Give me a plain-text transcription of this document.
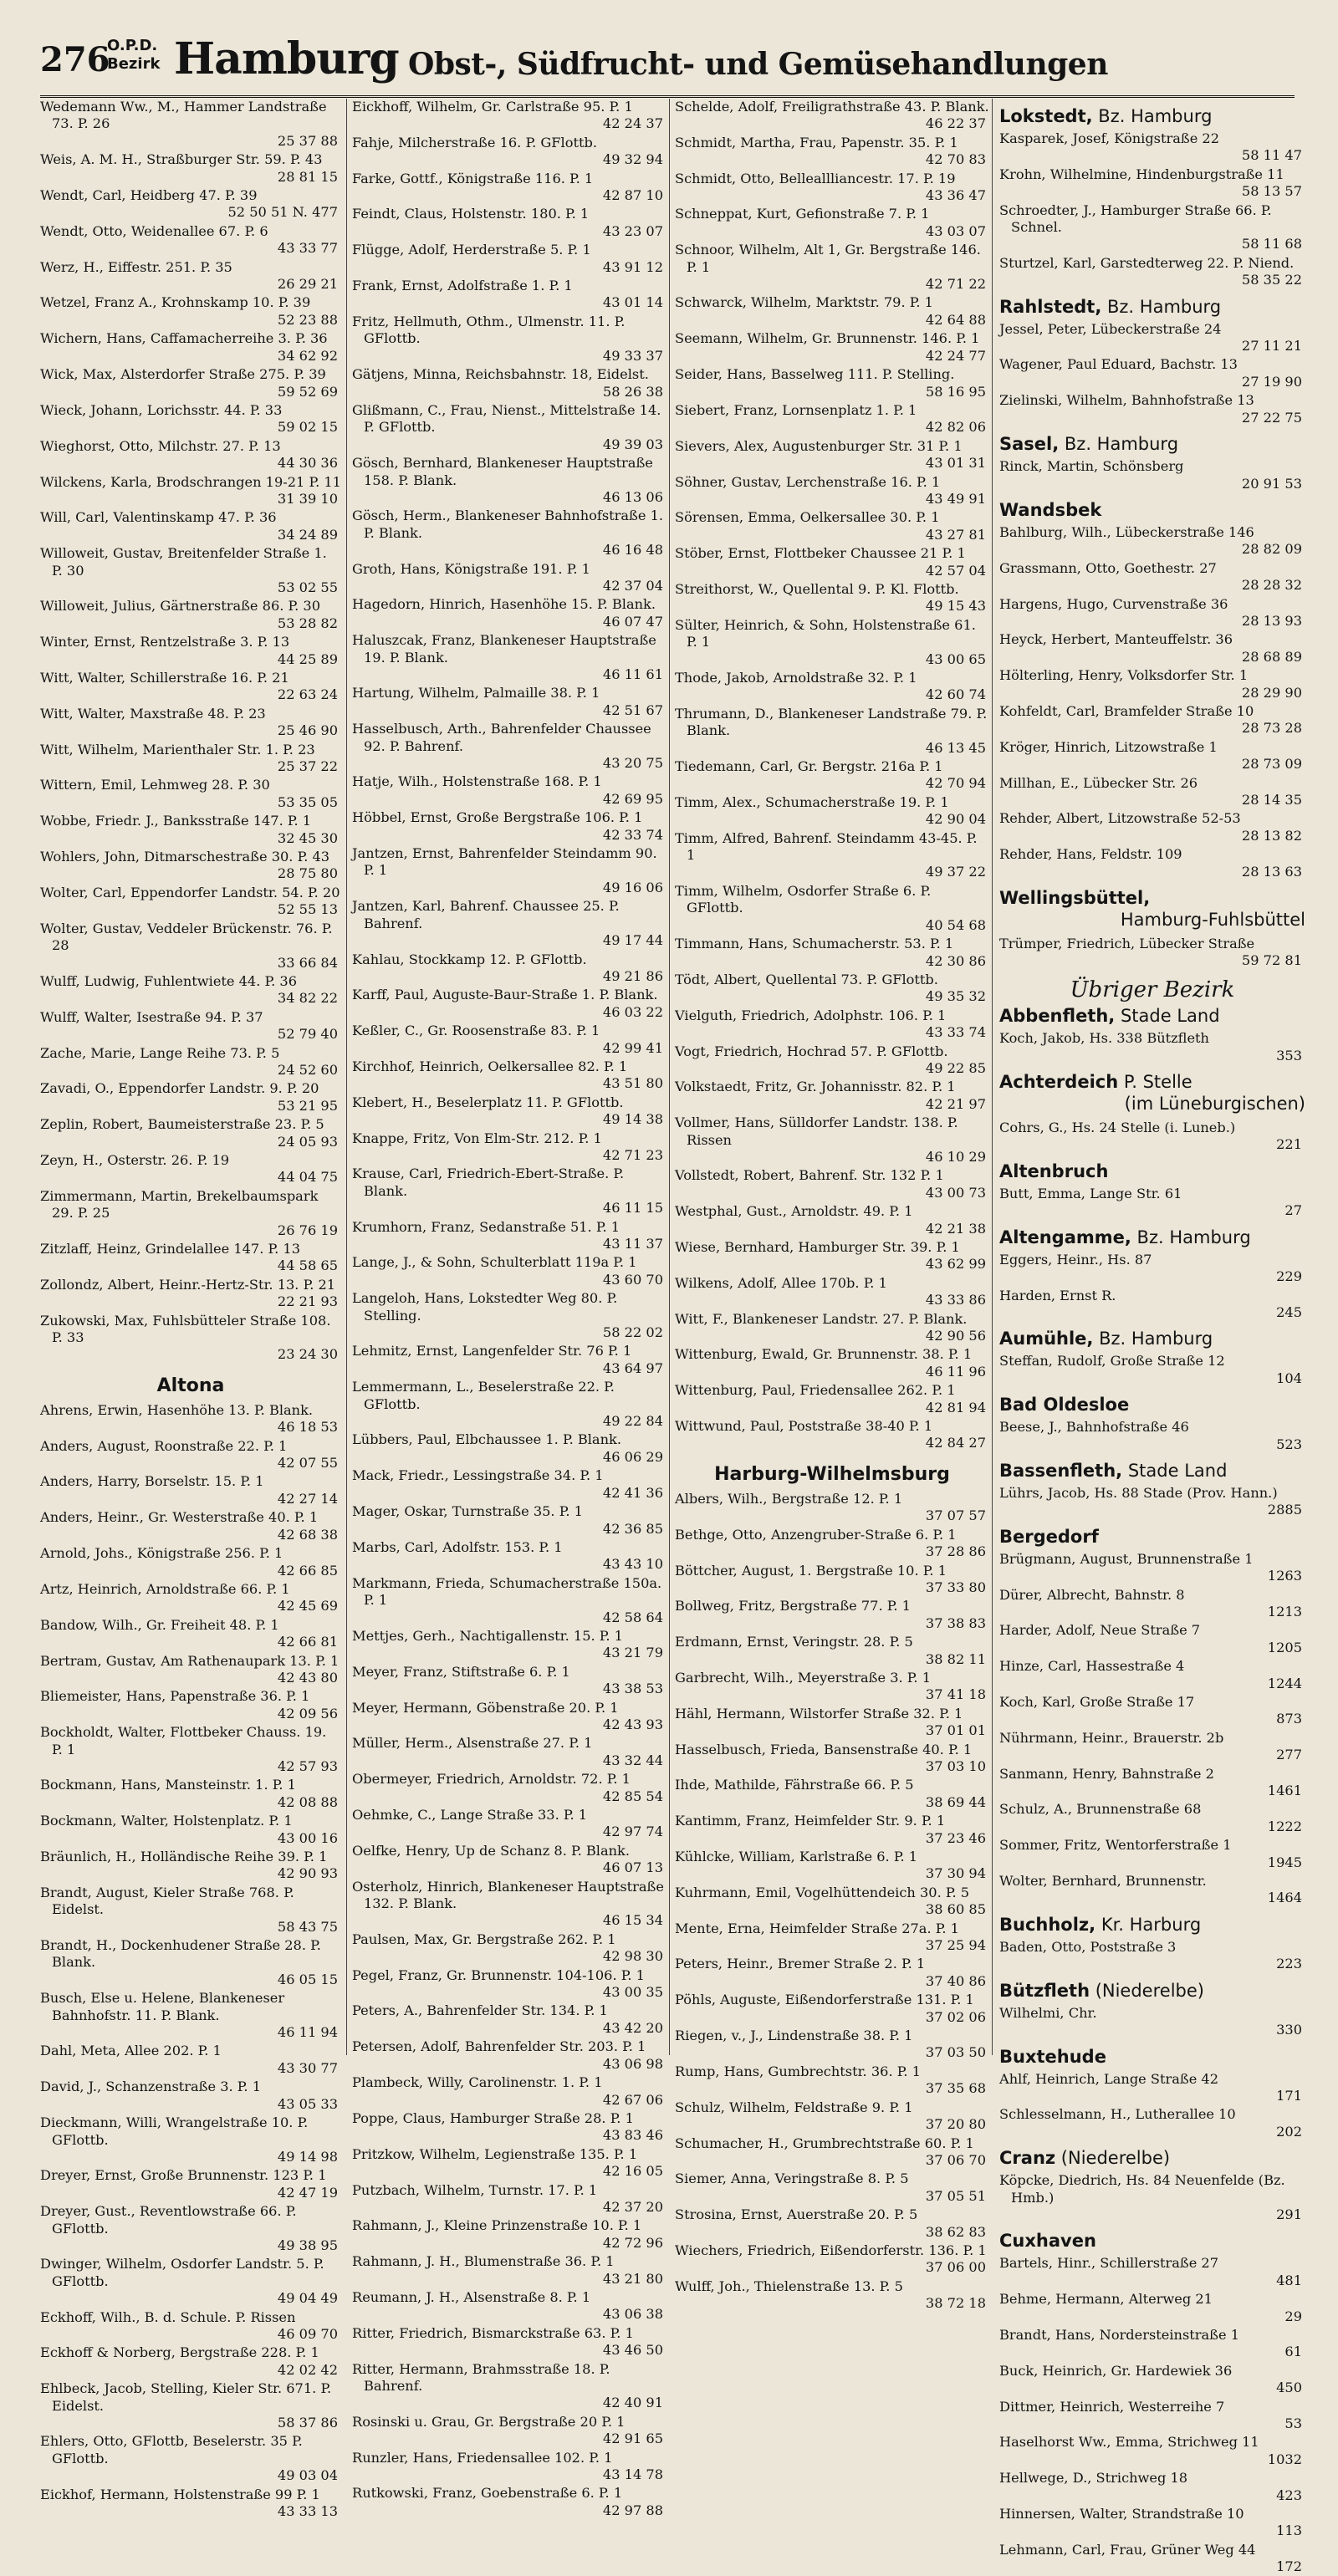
276
O.P.D.
Bezirk Hamburg Obst-, Südfrucht- und Gemüsehandlungen
Wedemann Ww., M., Hammer Landstraße 73. P. 26
25 37 88
Weis, A. M. H., Straßburger Str. 59. P. 43
28 81 15
Wendt, Carl, Heidberg 47. P. 39
52 50 51 N. 477
Wendt, Otto, Weidenallee 67. P. 6
43 33 77
Werz, H., Eiffestr. 251. P. 35
26 29 21
Wetzel, Franz A., Krohnskamp 10. P. 39
52 23 88
Wichern, Hans, Caffamacherreihe 3. P. 36
34 62 92
Wick, Max, Alsterdorfer Straße 275. P. 39
59 52 69
Wieck, Johann, Lorichsstr. 44. P. 33
59 02 15
Wieghorst, Otto, Milchstr. 27. P. 13
44 30 36
Wilckens, Karla, Brodschrangen 19-21 P. 11
31 39 10
Will, Carl, Valentinskamp 47. P. 36
34 24 89
Willoweit, Gustav, Breitenfelder Straße 1. P. 30
53 02 55
Willoweit, Julius, Gärtnerstraße 86. P. 30
53 28 82
Winter, Ernst, Rentzelstraße 3. P. 13
44 25 89
Witt, Walter, Schillerstraße 16. P. 21
22 63 24
Witt, Walter, Maxstraße 48. P. 23
25 46 90
Witt, Wilhelm, Marienthaler Str. 1. P. 23
25 37 22
Wittern, Emil, Lehmweg 28. P. 30
53 35 05
Wobbe, Friedr. J., Banksstraße 147. P. 1
32 45 30
Wohlers, John, Ditmarschestraße 30. P. 43
28 75 80
Wolter, Carl, Eppendorfer Landstr. 54. P. 20
52 55 13
Wolter, Gustav, Veddeler Brückenstr. 76. P. 28
33 66 84
Wulff, Ludwig, Fuhlentwiete 44. P. 36
34 82 22
Wulff, Walter, Isestraße 94. P. 37
52 79 40
Zache, Marie, Lange Reihe 73. P. 5
24 52 60
Zavadi, O., Eppendorfer Landstr. 9. P. 20
53 21 95
Zeplin, Robert, Baumeisterstraße 23. P. 5
24 05 93
Zeyn, H., Osterstr. 26. P. 19
44 04 75
Zimmermann, Martin, Brekelbaumspark 29. P. 25
26 76 19
Zitzlaff, Heinz, Grindelallee 147. P. 13
44 58 65
Zollondz, Albert, Heinr.-Hertz-Str. 13. P. 21
22 21 93
Zukowski, Max, Fuhlsbütteler Straße 108. P. 33
23 24 30
Altona
Ahrens, Erwin, Hasenhöhe 13. P. Blank.
46 18 53
Anders, August, Roonstraße 22. P. 1
42 07 55
Anders, Harry, Borselstr. 15. P. 1
42 27 14
Anders, Heinr., Gr. Westerstraße 40. P. 1
42 68 38
Arnold, Johs., Königstraße 256. P. 1
42 66 85
Artz, Heinrich, Arnoldstraße 66. P. 1
42 45 69
Bandow, Wilh., Gr. Freiheit 48. P. 1
42 66 81
Bertram, Gustav, Am Rathenaupark 13. P. 1
42 43 80
Bliemeister, Hans, Papenstraße 36. P. 1
42 09 56
Bockholdt, Walter, Flottbeker Chauss. 19. P. 1
42 57 93
Bockmann, Hans, Mansteinstr. 1. P. 1
42 08 88
Bockmann, Walter, Holstenplatz. P. 1
43 00 16
Bräunlich, H., Holländische Reihe 39. P. 1
42 90 93
Brandt, August, Kieler Straße 768. P. Eidelst.
58 43 75
Brandt, H., Dockenhudener Straße 28. P. Blank.
46 05 15
Busch, Else u. Helene, Blankeneser Bahnhofstr. 11. P. Blank.
46 11 94
Dahl, Meta, Allee 202. P. 1
43 30 77
David, J., Schanzenstraße 3. P. 1
43 05 33
Dieckmann, Willi, Wrangelstraße 10. P. GFlottb.
49 14 98
Dreyer, Ernst, Große Brunnenstr. 123 P. 1
42 47 19
Dreyer, Gust., Reventlowstraße 66. P. GFlottb.
49 38 95
Dwinger, Wilhelm, Osdorfer Landstr. 5. P. GFlottb.
49 04 49
Eckhoff, Wilh., B. d. Schule. P. Rissen
46 09 70
Eckhoff & Norberg, Bergstraße 228. P. 1
42 02 42
Ehlbeck, Jacob, Stelling, Kieler Str. 671. P. Eidelst.
58 37 86
Ehlers, Otto, GFlottb, Beselerstr. 35 P. GFlottb.
49 03 04
Eickhof, Hermann, Holstenstraße 99 P. 1
43 33 13
Eickhoff, Wilhelm, Gr. Carlstraße 95. P. 1
42 24 37
Fahje, Milcherstraße 16. P. GFlottb.
49 32 94
Farke, Gottf., Königstraße 116. P. 1
42 87 10
Feindt, Claus, Holstenstr. 180. P. 1
43 23 07
Flügge, Adolf, Herderstraße 5. P. 1
43 91 12
Frank, Ernst, Adolfstraße 1. P. 1
43 01 14
Fritz, Hellmuth, Othm., Ulmenstr. 11. P. GFlottb.
49 33 37
Gätjens, Minna, Reichsbahnstr. 18, Eidelst.
58 26 38
Glißmann, C., Frau, Nienst., Mittelstraße 14. P. GFlottb.
49 39 03
Gösch, Bernhard, Blankeneser Hauptstraße 158. P. Blank.
46 13 06
Gösch, Herm., Blankeneser Bahnhofstraße 1. P. Blank.
46 16 48
Groth, Hans, Königstraße 191. P. 1
42 37 04
Hagedorn, Hinrich, Hasenhöhe 15. P. Blank.
46 07 47
Haluszcak, Franz, Blankeneser Hauptstraße 19. P. Blank.
46 11 61
Hartung, Wilhelm, Palmaille 38. P. 1
42 51 67
Hasselbusch, Arth., Bahrenfelder Chaussee 92. P. Bahrenf.
43 20 75
Hatje, Wilh., Holstenstraße 168. P. 1
42 69 95
Höbbel, Ernst, Große Bergstraße 106. P. 1
42 33 74
Jantzen, Ernst, Bahrenfelder Steindamm 90. P. 1
49 16 06
Jantzen, Karl, Bahrenf. Chaussee 25. P. Bahrenf.
49 17 44
Kahlau, Stockkamp 12. P. GFlottb.
49 21 86
Karff, Paul, Auguste-Baur-Straße 1. P. Blank.
46 03 22
Keßler, C., Gr. Roosenstraße 83. P. 1
42 99 41
Kirchhof, Heinrich, Oelkersallee 82. P. 1
43 51 80
Klebert, H., Beselerplatz 11. P. GFlottb.
49 14 38
Knappe, Fritz, Von Elm-Str. 212. P. 1
42 71 23
Krause, Carl, Friedrich-Ebert-Straße. P. Blank.
46 11 15
Krumhorn, Franz, Sedanstraße 51. P. 1
43 11 37
Lange, J., & Sohn, Schulterblatt 119a P. 1
43 60 70
Langeloh, Hans, Lokstedter Weg 80. P. Stelling.
58 22 02
Lehmitz, Ernst, Langenfelder Str. 76 P. 1
43 64 97
Lemmermann, L., Beselerstraße 22. P. GFlottb.
49 22 84
Lübbers, Paul, Elbchaussee 1. P. Blank.
46 06 29
Mack, Friedr., Lessingstraße 34. P. 1
42 41 36
Mager, Oskar, Turnstraße 35. P. 1
42 36 85
Marbs, Carl, Adolfstr. 153. P. 1
43 43 10
Markmann, Frieda, Schumacherstraße 150a. P. 1
42 58 64
Mettjes, Gerh., Nachtigallenstr. 15. P. 1
43 21 79
Meyer, Franz, Stiftstraße 6. P. 1
43 38 53
Meyer, Hermann, Göbenstraße 20. P. 1
42 43 93
Müller, Herm., Alsenstraße 27. P. 1
43 32 44
Obermeyer, Friedrich, Arnoldstr. 72. P. 1
42 85 54
Oehmke, C., Lange Straße 33. P. 1
42 97 74
Oelfke, Henry, Up de Schanz 8. P. Blank.
46 07 13
Osterholz, Hinrich, Blankeneser Hauptstraße 132. P. Blank.
46 15 34
Paulsen, Max, Gr. Bergstraße 262. P. 1
42 98 30
Pegel, Franz, Gr. Brunnenstr. 104-106. P. 1
43 00 35
Peters, A., Bahrenfelder Str. 134. P. 1
43 42 20
Petersen, Adolf, Bahrenfelder Str. 203. P. 1
43 06 98
Plambeck, Willy, Carolinenstr. 1. P. 1
42 67 06
Poppe, Claus, Hamburger Straße 28. P. 1
43 83 46
Pritzkow, Wilhelm, Legienstraße 135. P. 1
42 16 05
Putzbach, Wilhelm, Turnstr. 17. P. 1
42 37 20
Rahmann, J., Kleine Prinzenstraße 10. P. 1
42 72 96
Rahmann, J. H., Blumenstraße 36. P. 1
43 21 80
Reumann, J. H., Alsenstraße 8. P. 1
43 06 38
Ritter, Friedrich, Bismarckstraße 63. P. 1
43 46 50
Ritter, Hermann, Brahmsstraße 18. P. Bahrenf.
42 40 91
Rosinski u. Grau, Gr. Bergstraße 20 P. 1
42 91 65
Runzler, Hans, Friedensallee 102. P. 1
43 14 78
Rutkowski, Franz, Goebenstraße 6. P. 1
42 97 88
Schelde, Adolf, Freiligrathstraße 43. P. Blank.
46 22 37
Schmidt, Martha, Frau, Papenstr. 35. P. 1
42 70 83
Schmidt, Otto, Belleallliancestr. 17. P. 19
43 36 47
Schneppat, Kurt, Gefionstraße 7. P. 1
43 03 07
Schnoor, Wilhelm, Alt 1, Gr. Bergstraße 146. P. 1
42 71 22
Schwarck, Wilhelm, Marktstr. 79. P. 1
42 64 88
Seemann, Wilhelm, Gr. Brunnenstr. 146. P. 1
42 24 77
Seider, Hans, Basselweg 111. P. Stelling.
58 16 95
Siebert, Franz, Lornsenplatz 1. P. 1
42 82 06
Sievers, Alex, Augustenburger Str. 31 P. 1
43 01 31
Söhner, Gustav, Lerchenstraße 16. P. 1
43 49 91
Sörensen, Emma, Oelkersallee 30. P. 1
43 27 81
Stöber, Ernst, Flottbeker Chaussee 21 P. 1
42 57 04
Streithorst, W., Quellental 9. P. Kl. Flottb.
49 15 43
Sülter, Heinrich, & Sohn, Holstenstraße 61. P. 1
43 00 65
Thode, Jakob, Arnoldstraße 32. P. 1
42 60 74
Thrumann, D., Blankeneser Landstraße 79. P. Blank.
46 13 45
Tiedemann, Carl, Gr. Bergstr. 216a P. 1
42 70 94
Timm, Alex., Schumacherstraße 19. P. 1
42 90 04
Timm, Alfred, Bahrenf. Steindamm 43-45. P. 1
49 37 22
Timm, Wilhelm, Osdorfer Straße 6. P. GFlottb.
40 54 68
Timmann, Hans, Schumacherstr. 53. P. 1
42 30 86
Tödt, Albert, Quellental 73. P. GFlottb.
49 35 32
Vielguth, Friedrich, Adolphstr. 106. P. 1
43 33 74
Vogt, Friedrich, Hochrad 57. P. GFlottb.
49 22 85
Volkstaedt, Fritz, Gr. Johannisstr. 82. P. 1
42 21 97
Vollmer, Hans, Sülldorfer Landstr. 138. P. Rissen
46 10 29
Vollstedt, Robert, Bahrenf. Str. 132 P. 1
43 00 73
Westphal, Gust., Arnoldstr. 49. P. 1
42 21 38
Wiese, Bernhard, Hamburger Str. 39. P. 1
43 62 99
Wilkens, Adolf, Allee 170b. P. 1
43 33 86
Witt, F., Blankeneser Landstr. 27. P. Blank.
42 90 56
Wittenburg, Ewald, Gr. Brunnenstr. 38. P. 1
46 11 96
Wittenburg, Paul, Friedensallee 262. P. 1
42 81 94
Wittwund, Paul, Poststraße 38-40 P. 1
42 84 27
Harburg-Wilhelmsburg
Albers, Wilh., Bergstraße 12. P. 1
37 07 57
Bethge, Otto, Anzengruber-Straße 6. P. 1
37 28 86
Böttcher, August, 1. Bergstraße 10. P. 1
37 33 80
Bollweg, Fritz, Bergstraße 77. P. 1
37 38 83
Erdmann, Ernst, Veringstr. 28. P. 5
38 82 11
Garbrecht, Wilh., Meyerstraße 3. P. 1
37 41 18
Hähl, Hermann, Wilstorfer Straße 32. P. 1
37 01 01
Hasselbusch, Frieda, Bansenstraße 40. P. 1
37 03 10
Ihde, Mathilde, Fährstraße 66. P. 5
38 69 44
Kantimm, Franz, Heimfelder Str. 9. P. 1
37 23 46
Kühlcke, William, Karlstraße 6. P. 1
37 30 94
Kuhrmann, Emil, Vogelhüttendeich 30. P. 5
38 60 85
Mente, Erna, Heimfelder Straße 27a. P. 1
37 25 94
Peters, Heinr., Bremer Straße 2. P. 1
37 40 86
Pöhls, Auguste, Eißendorferstraße 131. P. 1
37 02 06
Riegen, v., J., Lindenstraße 38. P. 1
37 03 50
Rump, Hans, Gumbrechtstr. 36. P. 1
37 35 68
Schulz, Wilhelm, Feldstraße 9. P. 1
37 20 80
Schumacher, H., Grumbrechtstraße 60. P. 1
37 06 70
Siemer, Anna, Veringstraße 8. P. 5
37 05 51
Strosina, Ernst, Auerstraße 20. P. 5
38 62 83
Wiechers, Friedrich, Eißendorferstr. 136. P. 1
37 06 00
Wulff, Joh., Thielenstraße 13. P. 5
38 72 18
Lokstedt, Bz. Hamburg
Kasparek, Josef, Königstraße 22
58 11 47
Krohn, Wilhelmine, Hindenburgstraße 11
58 13 57
Schroedter, J., Hamburger Straße 66. P. Schnel.
58 11 68
Sturtzel, Karl, Garstedterweg 22. P. Niend.
58 35 22
Rahlstedt, Bz. Hamburg
Jessel, Peter, Lübeckerstraße 24
27 11 21
Wagener, Paul Eduard, Bachstr. 13
27 19 90
Zielinski, Wilhelm, Bahnhofstraße 13
27 22 75
Sasel, Bz. Hamburg
Rinck, Martin, Schönsberg
20 91 53
Wandsbek
Bahlburg, Wilh., Lübeckerstraße 146
28 82 09
Grassmann, Otto, Goethestr. 27
28 28 32
Hargens, Hugo, Curvenstraße 36
28 13 93
Heyck, Herbert, Manteuffelstr. 36
28 68 89
Hölterling, Henry, Volksdorfer Str. 1
28 29 90
Kohfeldt, Carl, Bramfelder Straße 10
28 73 28
Kröger, Hinrich, Litzowstraße 1
28 73 09
Millhan, E., Lübecker Str. 26
28 14 35
Rehder, Albert, Litzowstraße 52-53
28 13 82
Rehder, Hans, Feldstr. 109
28 13 63
Wellingsbüttel,
Hamburg-Fuhlsbüttel
Trümper, Friedrich, Lübecker Straße
59 72 81
Übriger Bezirk
Abbenfleth, Stade Land
Koch, Jakob, Hs. 338 Bützfleth
353
Achterdeich P. Stelle
(im Lüneburgischen)
Cohrs, G., Hs. 24 Stelle (i. Luneb.)
221
Altenbruch
Butt, Emma, Lange Str. 61
27
Altengamme, Bz. Hamburg
Eggers, Heinr., Hs. 87
229
Harden, Ernst R.
245
Aumühle, Bz. Hamburg
Steffan, Rudolf, Große Straße 12
104
Bad Oldesloe
Beese, J., Bahnhofstraße 46
523
Bassenfleth, Stade Land
Lührs, Jacob, Hs. 88 Stade (Prov. Hann.)
2885
Bergedorf
Brügmann, August, Brunnenstraße 1
1263
Dürer, Albrecht, Bahnstr. 8
1213
Harder, Adolf, Neue Straße 7
1205
Hinze, Carl, Hassestraße 4
1244
Koch, Karl, Große Straße 17
873
Nührmann, Heinr., Brauerstr. 2b
277
Sanmann, Henry, Bahnstraße 2
1461
Schulz, A., Brunnenstraße 68
1222
Sommer, Fritz, Wentorferstraße 1
1945
Wolter, Bernhard, Brunnenstr.
1464
Buchholz, Kr. Harburg
Baden, Otto, Poststraße 3
223
Bützfleth (Niederelbe)
Wilhelmi, Chr.
330
Buxtehude
Ahlf, Heinrich, Lange Straße 42
171
Schlesselmann, H., Lutherallee 10
202
Cranz (Niederelbe)
Köpcke, Diedrich, Hs. 84 Neuenfelde (Bz. Hmb.)
291
Cuxhaven
Bartels, Hinr., Schillerstraße 27
481
Behme, Hermann, Alterweg 21
29
Brandt, Hans, Nordersteinstraße 1
61
Buck, Heinrich, Gr. Hardewiek 36
450
Dittmer, Heinrich, Westerreihe 7
53
Haselhorst Ww., Emma, Strichweg 11
1032
Hellwege, D., Strichweg 18
423
Hinnersen, Walter, Strandstraße 10
113
Lehmann, Carl, Frau, Grüner Weg 44
172
